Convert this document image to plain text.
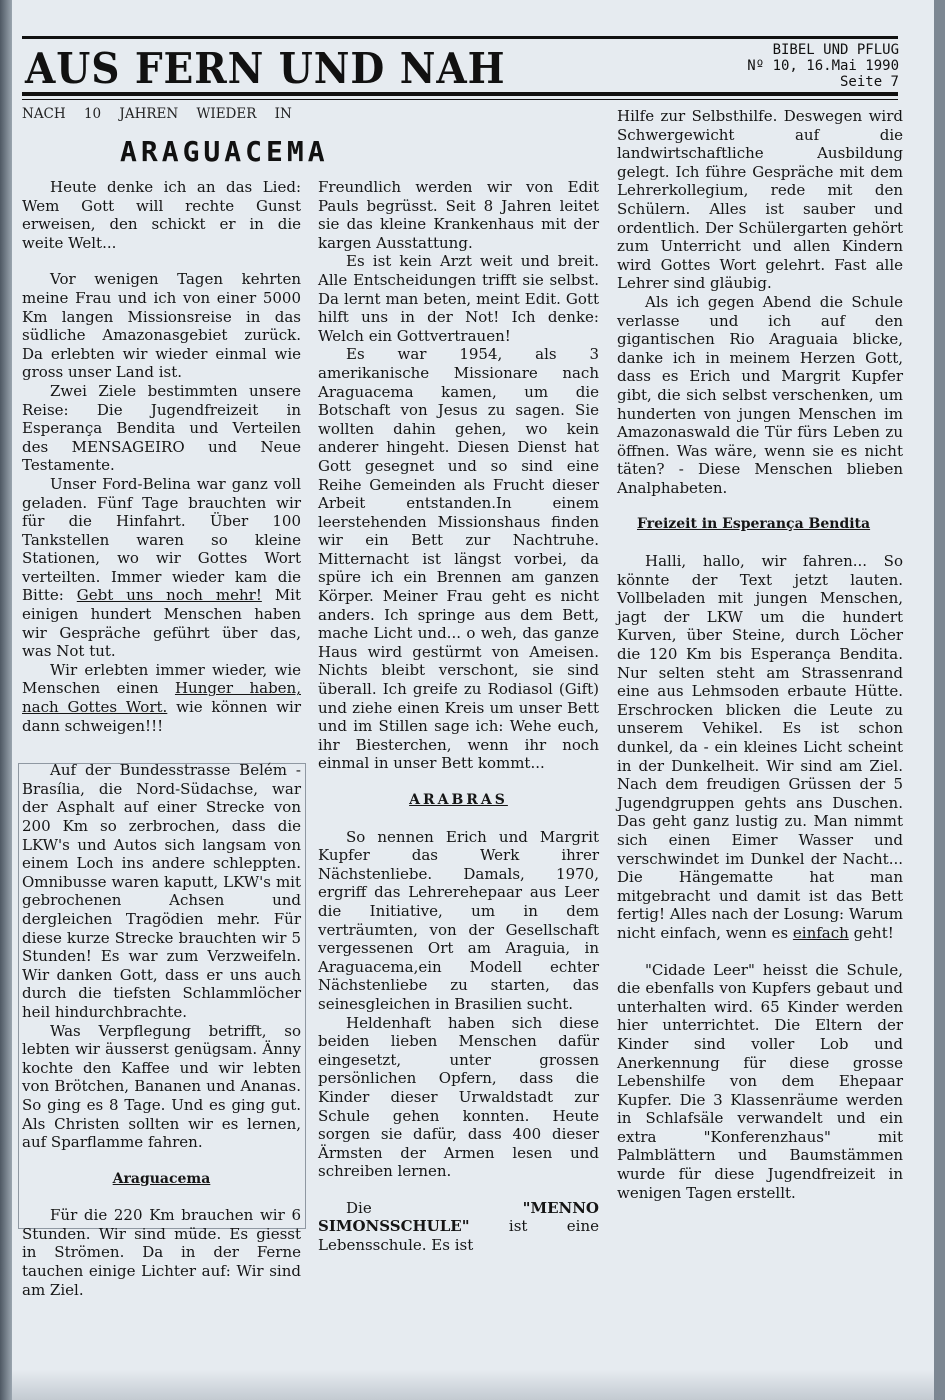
AUS FERN UND NAH	BIBEL UND PFLUG
Nº 10, 16.Mai 1990
Seite 7
NACH 10 JAHREN WIEDER IN
ARAGUACEMA

Heute denke ich an das Lied: Wem Gott will rechte Gunst erweisen, den schickt er in die weite Welt...

Vor wenigen Tagen kehrten meine Frau und ich von einer 5000 Km langen Missionsreise in das südliche Amazonasgebiet zurück. Da erlebten wir wieder einmal wie gross unser Land ist.

Zwei Ziele bestimmten unsere Reise: Die Jugendfreizeit in Esperança Bendita und Verteilen des MENSAGEIRO und Neue Testamente.

Unser Ford-Belina war ganz voll geladen. Fünf Tage brauchten wir für die Hinfahrt. Über 100 Tankstellen waren so kleine Stationen, wo wir Gottes Wort verteilten. Immer wieder kam die Bitte: Gebt uns noch mehr! Mit einigen hundert Menschen haben wir Gespräche geführt über das, was Not tut.

Wir erlebten immer wieder, wie Menschen einen Hunger haben, nach Gottes Wort. wie können wir dann schweigen!!!

Auf der Bundesstrasse Belém - Brasília, die Nord-Südachse, war der Asphalt auf einer Strecke von 200 Km so zerbrochen, dass die LKW's und Autos sich langsam von einem Loch ins andere schleppten. Omnibusse waren kaputt, LKW's mit gebrochenen Achsen und dergleichen Tragödien mehr. Für diese kurze Strecke brauchten wir 5 Stunden! Es war zum Verzweifeln. Wir danken Gott, dass er uns auch durch die tiefsten Schlammlöcher heil hindurchbrachte.

Was Verpflegung betrifft, so lebten wir äusserst genügsam. Änny kochte den Kaffee und wir lebten von Brötchen, Bananen und Ananas. So ging es 8 Tage. Und es ging gut. Als Christen sollten wir es lernen, auf Sparflamme fahren.

Araguacema

Für die 220 Km brauchen wir 6 Stunden. Wir sind müde. Es giesst in Strömen. Da in der Ferne tauchen einige Lichter auf: Wir sind am Ziel.

Freundlich werden wir von Edit Pauls begrüsst. Seit 8 Jahren leitet sie das kleine Krankenhaus mit der kargen Ausstattung.

Es ist kein Arzt weit und breit. Alle Entscheidungen trifft sie selbst. Da lernt man beten, meint Edit. Gott hilft uns in der Not! Ich denke: Welch ein Gottvertrauen!

Es war 1954, als 3 amerikanische Missionare nach Araguacema kamen, um die Botschaft von Jesus zu sagen. Sie wollten dahin gehen, wo kein anderer hingeht. Diesen Dienst hat Gott gesegnet und so sind eine Reihe Gemeinden als Frucht dieser Arbeit entstanden.In einem leerstehenden Missionshaus finden wir ein Bett zur Nachtruhe. Mitternacht ist längst vorbei, da spüre ich ein Brennen am ganzen Körper. Meiner Frau geht es nicht anders. Ich springe aus dem Bett, mache Licht und... o weh, das ganze Haus wird gestürmt von Ameisen. Nichts bleibt verschont, sie sind überall. Ich greife zu Rodiasol (Gift) und ziehe einen Kreis um unser Bett und im Stillen sage ich: Wehe euch, ihr Biesterchen, wenn ihr noch einmal in unser Bett kommt...

ARABRAS

So nennen Erich und Margrit Kupfer das Werk ihrer Nächstenliebe. Damals, 1970, ergriff das Lehrerehepaar aus Leer die Initiative, um in dem verträumten, von der Gesellschaft vergessenen Ort am Araguia, in Araguacema,ein Modell echter Nächstenliebe zu starten, das seinesgleichen in Brasilien sucht.

Heldenhaft haben sich diese beiden lieben Menschen dafür eingesetzt, unter grossen persönlichen Opfern, dass die Kinder dieser Urwaldstadt zur Schule gehen konnten. Heute sorgen sie dafür, dass 400 dieser Ärmsten der Armen lesen und schreiben lernen.

Die "MENNO SIMONSSCHULE" ist eine Lebensschule. Es ist

Hilfe zur Selbsthilfe. Deswegen wird Schwergewicht auf die landwirtschaftliche Ausbildung gelegt. Ich führe Gespräche mit dem Lehrerkollegium, rede mit den Schülern. Alles ist sauber und ordentlich. Der Schülergarten gehört zum Unterricht und allen Kindern wird Gottes Wort gelehrt. Fast alle Lehrer sind gläubig.

Als ich gegen Abend die Schule verlasse und ich auf den gigantischen Rio Araguaia blicke, danke ich in meinem Herzen Gott, dass es Erich und Margrit Kupfer gibt, die sich selbst verschenken, um hunderten von jungen Menschen im Amazonaswald die Tür fürs Leben zu öffnen. Was wäre, wenn sie es nicht täten? - Diese Menschen blieben Analphabeten.

Freizeit in Esperança Bendita

Halli, hallo, wir fahren... So könnte der Text jetzt lauten. Vollbeladen mit jungen Menschen, jagt der LKW um die hundert Kurven, über Steine, durch Löcher die 120 Km bis Esperança Bendita. Nur selten steht am Strassenrand eine aus Lehmsoden erbaute Hütte. Erschrocken blicken die Leute zu unserem Vehikel. Es ist schon dunkel, da - ein kleines Licht scheint in der Dunkelheit. Wir sind am Ziel. Nach dem freudigen Grüssen der 5 Jugendgruppen gehts ans Duschen. Das geht ganz lustig zu. Man nimmt sich einen Eimer Wasser und verschwindet im Dunkel der Nacht... Die Hängematte hat man mitgebracht und damit ist das Bett fertig! Alles nach der Losung: Warum nicht einfach, wenn es einfach geht!

"Cidade Leer" heisst die Schule, die ebenfalls von Kupfers gebaut und unterhalten wird. 65 Kinder werden hier unterrichtet. Die Eltern der Kinder sind voller Lob und Anerkennung für diese grosse Lebenshilfe von dem Ehepaar Kupfer. Die 3 Klassenräume werden in Schlafsäle verwandelt und ein extra "Konferenzhaus" mit Palmblättern und Baumstämmen wurde für diese Jugendfreizeit in wenigen Tagen erstellt.
